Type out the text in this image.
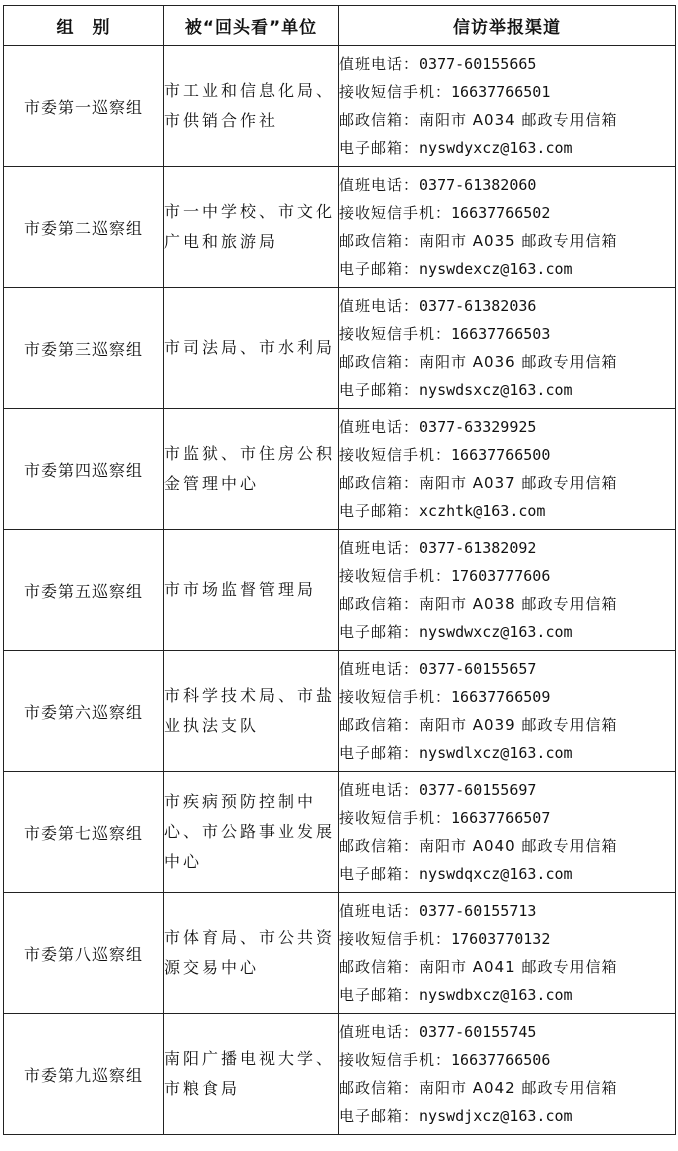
组　别	被“回头看”单位	信访举报渠道
市委第一巡察组	市工业和信息化局、市供销合作社	值班电话：0377-60155665
接收短信手机：16637766501
邮政信箱：南阳市 A034 邮政专用信箱
电子邮箱：nyswdyxcz@163.com

市委第二巡察组	市一中学校、市文化广电和旅游局	值班电话：0377-61382060
接收短信手机：16637766502
邮政信箱：南阳市 A035 邮政专用信箱
电子邮箱：nyswdexcz@163.com

市委第三巡察组	市司法局、市水利局	值班电话：0377-61382036
接收短信手机：16637766503
邮政信箱：南阳市 A036 邮政专用信箱
电子邮箱：nyswdsxcz@163.com

市委第四巡察组	市监狱、市住房公积金管理中心	值班电话：0377-63329925
接收短信手机：16637766500
邮政信箱：南阳市 A037 邮政专用信箱
电子邮箱：xczhtk@163.com

市委第五巡察组	市市场监督管理局	值班电话：0377-61382092
接收短信手机：17603777606
邮政信箱：南阳市 A038 邮政专用信箱
电子邮箱：nyswdwxcz@163.com

市委第六巡察组	市科学技术局、市盐业执法支队	值班电话：0377-60155657
接收短信手机：16637766509
邮政信箱：南阳市 A039 邮政专用信箱
电子邮箱：nyswdlxcz@163.com

市委第七巡察组	市疾病预防控制中心、市公路事业发展中心	值班电话：0377-60155697
接收短信手机：16637766507
邮政信箱：南阳市 A040 邮政专用信箱
电子邮箱：nyswdqxcz@163.com

市委第八巡察组	市体育局、市公共资源交易中心	值班电话：0377-60155713
接收短信手机：17603770132
邮政信箱：南阳市 A041 邮政专用信箱
电子邮箱：nyswdbxcz@163.com

市委第九巡察组	南阳广播电视大学、市粮食局	值班电话：0377-60155745
接收短信手机：16637766506
邮政信箱：南阳市 A042 邮政专用信箱
电子邮箱：nyswdjxcz@163.com
